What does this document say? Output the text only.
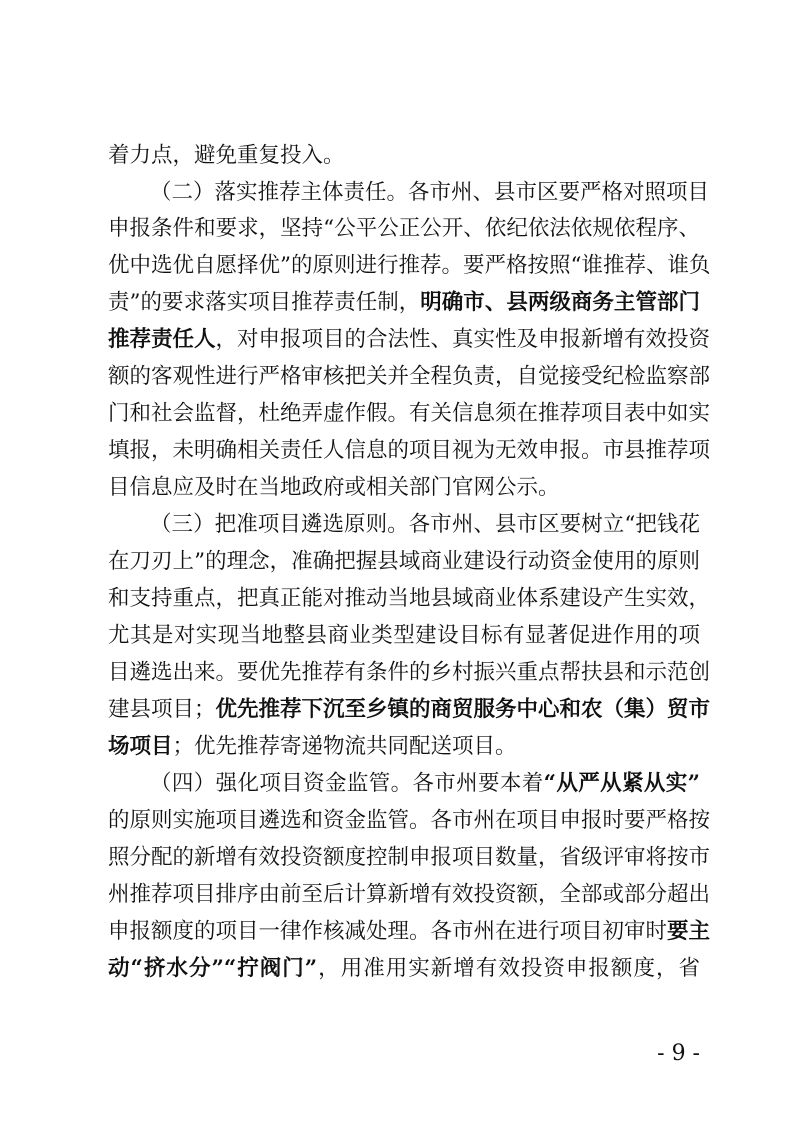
着力点，避免重复投入。
（二）落实推荐主体责任。各市州、县市区要严格对照项目
申报条件和要求，坚持“公平公正公开、依纪依法依规依程序、
优中选优自愿择优”的原则进行推荐。要严格按照“谁推荐、谁负
责”的要求落实项目推荐责任制，明确市、县两级商务主管部门
推荐责任人，对申报项目的合法性、真实性及申报新增有效投资
额的客观性进行严格审核把关并全程负责，自觉接受纪检监察部
门和社会监督，杜绝弄虚作假。有关信息须在推荐项目表中如实
填报，未明确相关责任人信息的项目视为无效申报。市县推荐项
目信息应及时在当地政府或相关部门官网公示。
（三）把准项目遴选原则。各市州、县市区要树立“把钱花
在刀刃上”的理念，准确把握县域商业建设行动资金使用的原则
和支持重点，把真正能对推动当地县域商业体系建设产生实效，
尤其是对实现当地整县商业类型建设目标有显著促进作用的项
目遴选出来。要优先推荐有条件的乡村振兴重点帮扶县和示范创
建县项目；优先推荐下沉至乡镇的商贸服务中心和农（集）贸市
场项目；优先推荐寄递物流共同配送项目。
（四）强化项目资金监管。各市州要本着“从严从紧从实”
的原则实施项目遴选和资金监管。各市州在项目申报时要严格按
照分配的新增有效投资额度控制申报项目数量，省级评审将按市
州推荐项目排序由前至后计算新增有效投资额，全部或部分超出
申报额度的项目一律作核减处理。各市州在进行项目初审时要主
动“挤水分”“拧阀门”，用准用实新增有效投资申报额度，省
- 9 -
